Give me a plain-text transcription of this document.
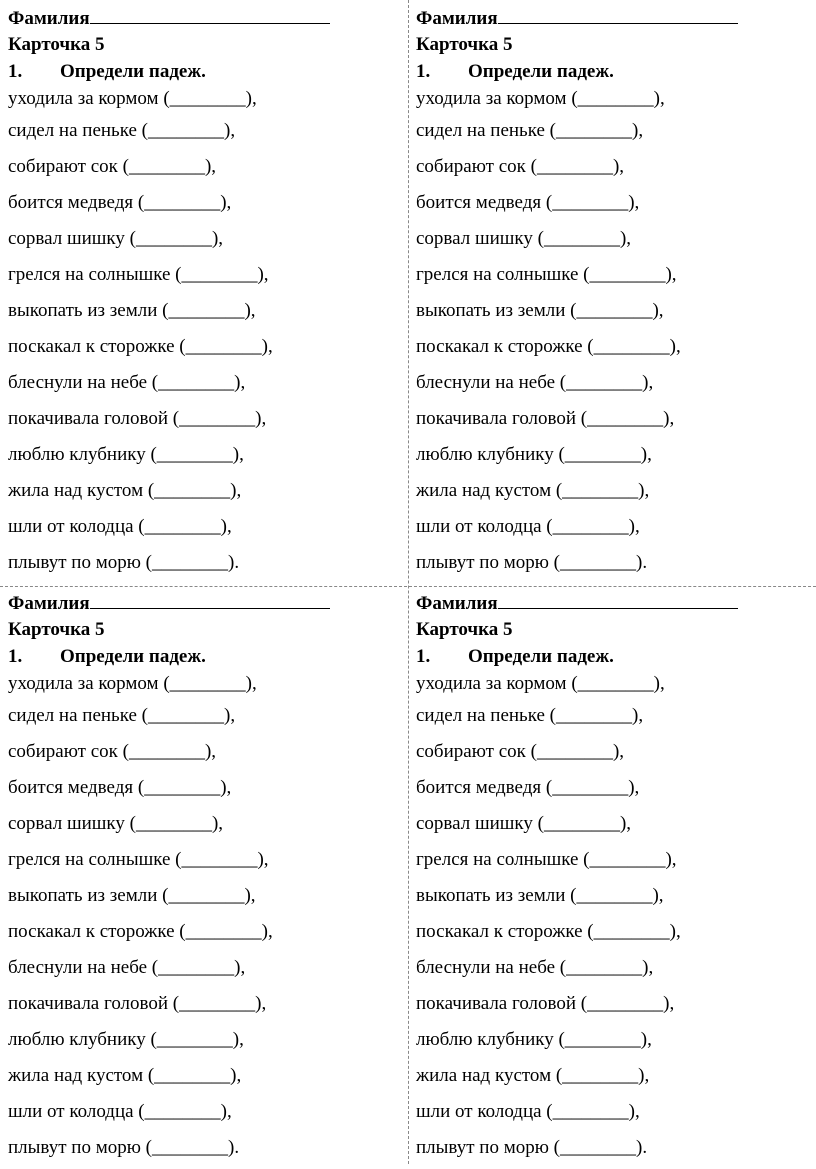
Фамилия
Карточка 5
1. Определи падеж.
уходила за кормом (________),
сидел на пеньке (________),
собирают сок (________),
боится медведя (________),
сорвал шишку (________),
грелся на солнышке (________),
выкопать из земли (________),
поскакал к сторожке (________),
блеснули на небе (________),
покачивала головой (________),
люблю клубнику (________),
жила над кустом (________),
шли от колодца (________),
плывут по морю (________).
Фамилия
Карточка 5
1. Определи падеж.
уходила за кормом (________),
сидел на пеньке (________),
собирают сок (________),
боится медведя (________),
сорвал шишку (________),
грелся на солнышке (________),
выкопать из земли (________),
поскакал к сторожке (________),
блеснули на небе (________),
покачивала головой (________),
люблю клубнику (________),
жила над кустом (________),
шли от колодца (________),
плывут по морю (________).
Фамилия
Карточка 5
1. Определи падеж.
уходила за кормом (________),
сидел на пеньке (________),
собирают сок (________),
боится медведя (________),
сорвал шишку (________),
грелся на солнышке (________),
выкопать из земли (________),
поскакал к сторожке (________),
блеснули на небе (________),
покачивала головой (________),
люблю клубнику (________),
жила над кустом (________),
шли от колодца (________),
плывут по морю (________).
Фамилия
Карточка 5
1. Определи падеж.
уходила за кормом (________),
сидел на пеньке (________),
собирают сок (________),
боится медведя (________),
сорвал шишку (________),
грелся на солнышке (________),
выкопать из земли (________),
поскакал к сторожке (________),
блеснули на небе (________),
покачивала головой (________),
люблю клубнику (________),
жила над кустом (________),
шли от колодца (________),
плывут по морю (________).
